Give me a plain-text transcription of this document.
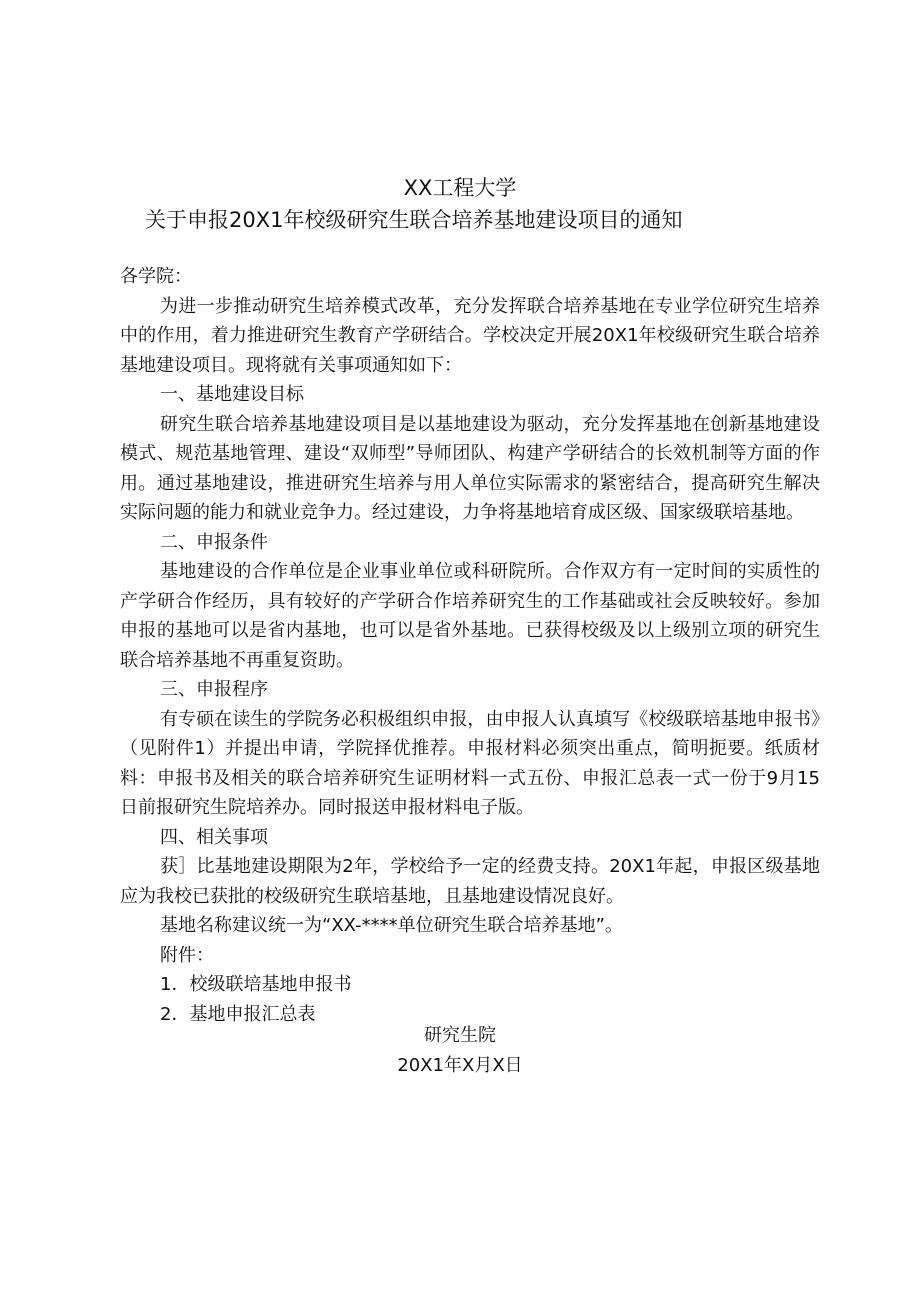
XX工程大学
关于申报20X1年校级研究生联合培养基地建设项目的通知

各学院：

为进一步推动研究生培养模式改革，充分发挥联合培养基地在专业学位研究生培养中的作用，着力推进研究生教育产学研结合。学校决定开展20X1年校级研究生联合培养基地建设项目。现将就有关事项通知如下：

一、基地建设目标

研究生联合培养基地建设项目是以基地建设为驱动，充分发挥基地在创新基地建设模式、规范基地管理、建设“双师型”导师团队、构建产学研结合的长效机制等方面的作用。通过基地建设，推进研究生培养与用人单位实际需求的紧密结合，提高研究生解决实际问题的能力和就业竞争力。经过建设，力争将基地培育成区级、国家级联培基地。

二、申报条件

基地建设的合作单位是企业事业单位或科研院所。合作双方有一定时间的实质性的产学研合作经历，具有较好的产学研合作培养研究生的工作基础或社会反映较好。参加申报的基地可以是省内基地，也可以是省外基地。已获得校级及以上级别立项的研究生联合培养基地不再重复资助。

三、申报程序

有专硕在读生的学院务必积极组织申报，由申报人认真填写《校级联培基地申报书》（见附件1）并提出申请，学院择优推荐。申报材料必须突出重点，简明扼要。纸质材料：申报书及相关的联合培养研究生证明材料一式五份、申报汇总表一式一份于9月15日前报研究生院培养办。同时报送申报材料电子版。

四、相关事项

获］比基地建设期限为2年，学校给予一定的经费支持。20X1年起，申报区级基地应为我校已获批的校级研究生联培基地，且基地建设情况良好。

基地名称建议统一为“XX-****单位研究生联合培养基地”。

附件：

1．校级联培基地申报书

2．基地申报汇总表

研究生院
20X1年X月X日
